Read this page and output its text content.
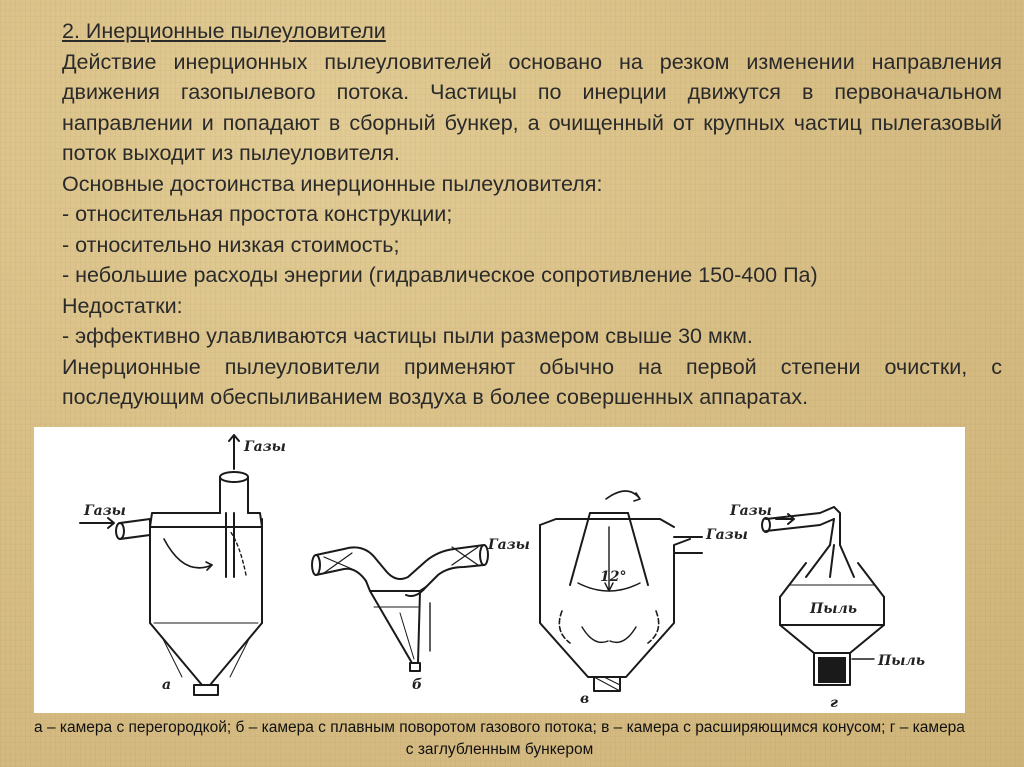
2. Инерционные пылеуловители

Действие инерционных пылеуловителей основано на резком изменении направления движения газопылевого потока. Частицы по инерции движутся в первоначальном направлении и попадают в сборный бункер, а очищенный от крупных частиц пылегазовый поток выходит из пылеуловителя.

Основные достоинства инерционные пылеуловителя:

- относительная простота конструкции;

- относительно низкая стоимость;

- небольшие расходы энергии (гидравлическое сопротивление 150-400 Па)

Недостатки:

- эффективно улавливаются частицы пыли размером свыше 30 мкм.

Инерционные пылеуловители применяют обычно на первой степени очистки, с последующим обеспыливанием воздуха в более совершенных аппаратах.

Газы
Газы
а
Газы
б
12°
Газы
в
Газы
Пыль
Пыль
г
а – камера с перегородкой; б – камера с плавным поворотом газового потока; в – камера с расширяющимся конусом; г – камера с заглубленным бункером
